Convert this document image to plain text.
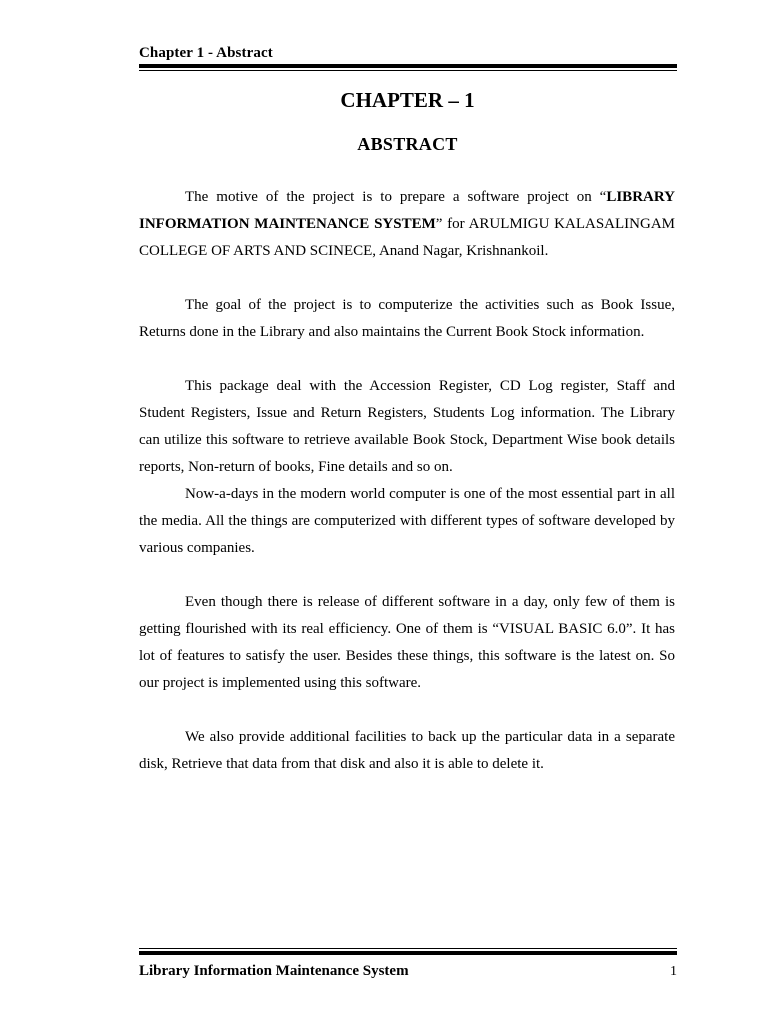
Chapter 1 - Abstract
CHAPTER – 1
ABSTRACT

The motive of the project is to prepare a software project on “LIBRARY INFORMATION MAINTENANCE SYSTEM” for ARULMIGU KALASALINGAM COLLEGE OF ARTS AND SCINECE, Anand Nagar, Krishnankoil.

The goal of the project is to computerize the activities such as Book Issue, Returns done in the Library and also maintains the Current Book Stock information.

This package deal with the Accession Register, CD Log register, Staff and Student Registers, Issue and Return Registers, Students Log information. The Library can utilize this software to retrieve available Book Stock, Department Wise book details reports, Non-return of books, Fine details and so on.

Now-a-days in the modern world computer is one of the most essential part in all the media. All the things are computerized with different types of software developed by various companies.

Even though there is release of different software in a day, only few of them is getting flourished with its real efficiency. One of them is “VISUAL BASIC 6.0”. It has lot of features to satisfy the user. Besides these things, this software is the latest on. So our project is implemented using this software.

We also provide additional facilities to back up the particular data in a separate disk, Retrieve that data from that disk and also it is able to delete it.

Library Information Maintenance System	1
